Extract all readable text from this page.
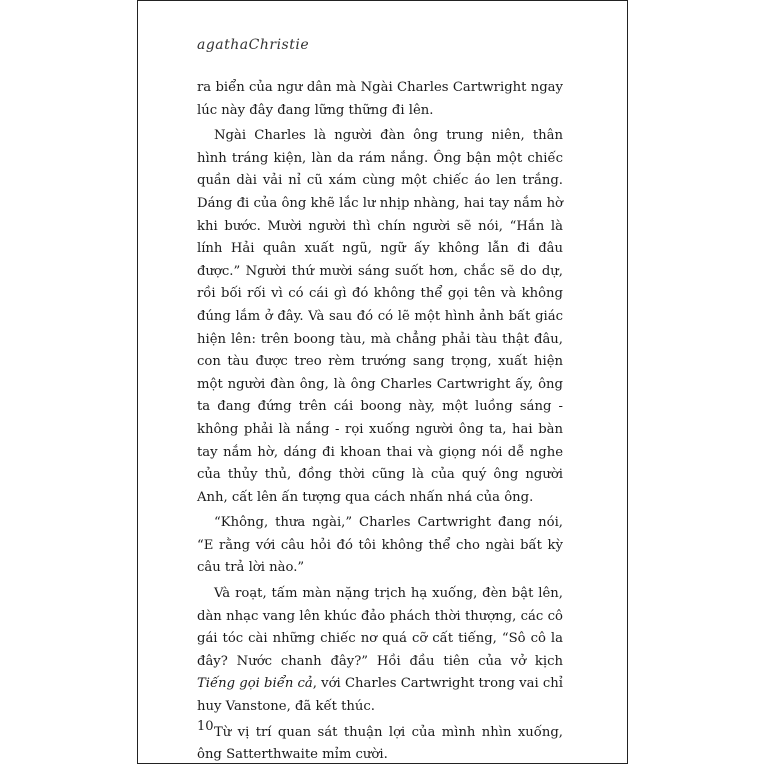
agathaChristie

ra biển của ngư dân mà Ngài Charles Cartwright ngay lúc này đây đang lững thững đi lên.

Ngài Charles là người đàn ông trung niên, thân hình tráng kiện, làn da rám nắng. Ông bận một chiếc quần dài vải nỉ cũ xám cùng một chiếc áo len trắng. Dáng đi của ông khẽ lắc lư nhịp nhàng, hai tay nắm hờ khi bước. Mười người thì chín người sẽ nói, “Hắn là lính Hải quân xuất ngũ, ngữ ấy không lẫn đi đâu được.” Người thứ mười sáng suốt hơn, chắc sẽ do dự, rồi bối rối vì có cái gì đó không thể gọi tên và không đúng lắm ở đây. Và sau đó có lẽ một hình ảnh bất giác hiện lên: trên boong tàu, mà chẳng phải tàu thật đâu, con tàu được treo rèm trướng sang trọng, xuất hiện một người đàn ông, là ông Charles Cartwright ấy, ông ta đang đứng trên cái boong này, một luồng sáng - không phải là nắng - rọi xuống người ông ta, hai bàn tay nắm hờ, dáng đi khoan thai và giọng nói dễ nghe của thủy thủ, đồng thời cũng là của quý ông người Anh, cất lên ấn tượng qua cách nhấn nhá của ông.

“Không, thưa ngài,” Charles Cartwright đang nói, “E rằng với câu hỏi đó tôi không thể cho ngài bất kỳ câu trả lời nào.”

Và roạt, tấm màn nặng trịch hạ xuống, đèn bật lên, dàn nhạc vang lên khúc đảo phách thời thượng, các cô gái tóc cài những chiếc nơ quá cỡ cất tiếng, “Sô cô la đây? Nước chanh đây?” Hồi đầu tiên của vở kịch Tiếng gọi biển cả, với Charles Cartwright trong vai chỉ huy Vanstone, đã kết thúc.

Từ vị trí quan sát thuận lợi của mình nhìn xuống, ông Satterthwaite mỉm cười.

10
